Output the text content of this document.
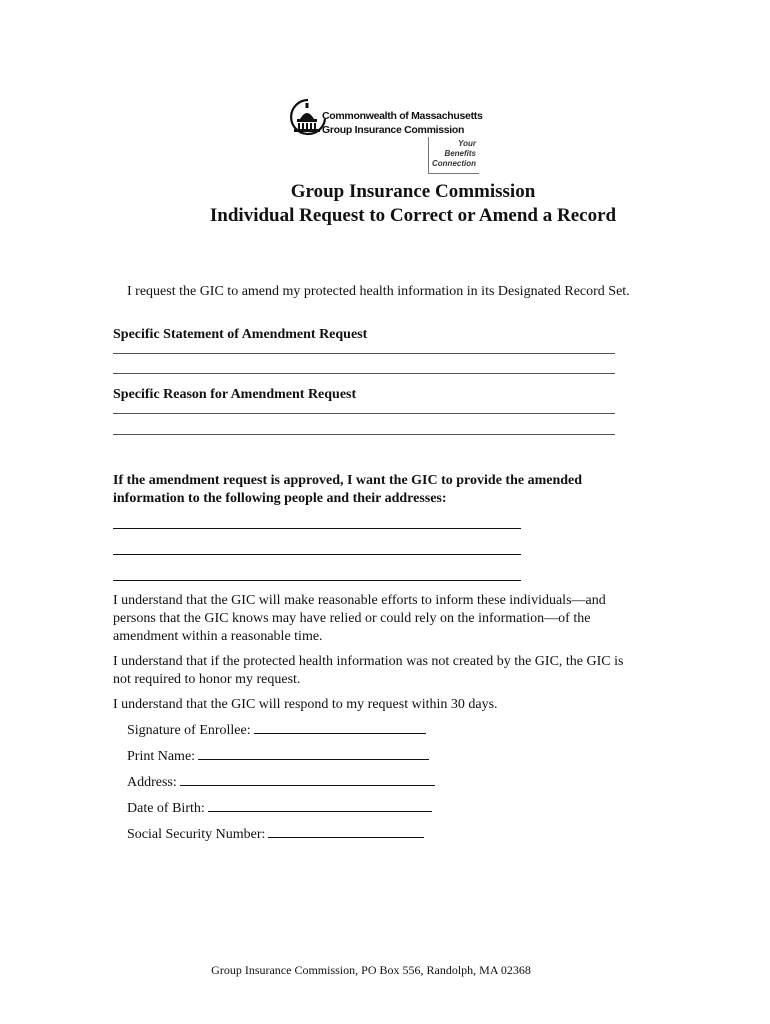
Commonwealth of Massachusetts
Group Insurance Commission
Your
Benefits
Connection
Group Insurance Commission
Individual Request to Correct or Amend a Record
I request the GIC to amend my protected health information in its Designated Record Set.
Specific Statement of Amendment Request
Specific Reason for Amendment Request
If the amendment request is approved, I want the GIC to provide the amended information to the following people and their addresses:
I understand that the GIC will make reasonable efforts to inform these individuals—and persons that the GIC knows may have relied or could rely on the information—of the amendment within a reasonable time.
I understand that if the protected health information was not created by the GIC, the GIC is not required to honor my request.
I understand that the GIC will respond to my request within 30 days.
Signature of Enrollee:
Print Name:
Address:
Date of Birth:
Social Security Number:
Group Insurance Commission, PO Box 556, Randolph, MA 02368
